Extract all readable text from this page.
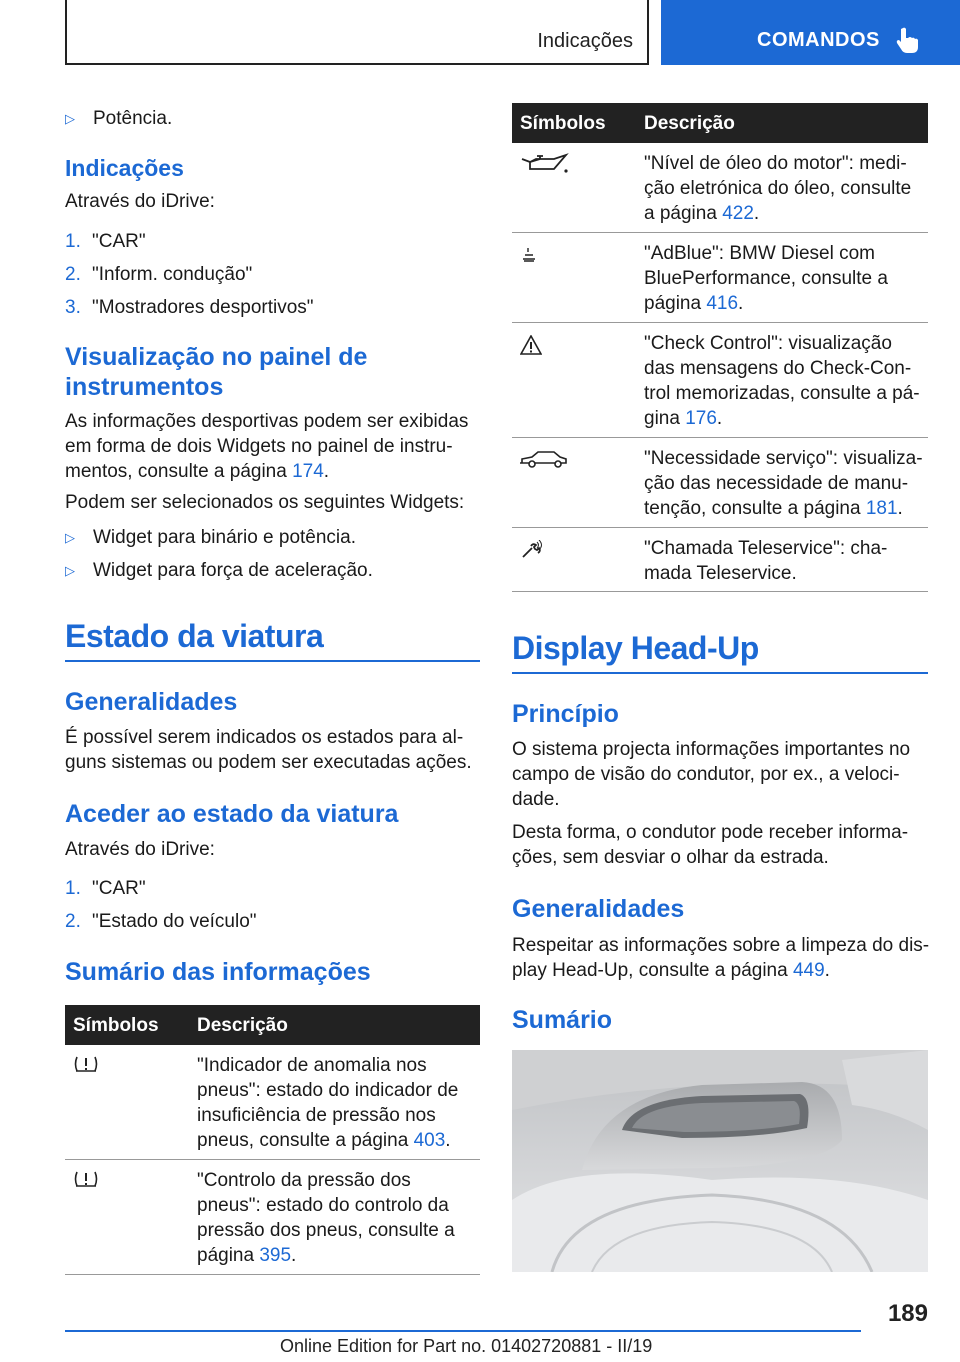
Indicações	COMANDOS
▷ Potência.
Indicações
Através do iDrive:
1. "CAR"
2. "Inform. condução"
3. "Mostradores desportivos"
Visualização no painel de
instrumentos
As informações desportivas podem ser exibidas
em forma de dois Widgets no painel de instru‐
mentos, consulte a página 174.
Podem ser selecionados os seguintes Widgets:
▷ Widget para binário e potência.
▷ Widget para força de aceleração.
Estado da viatura
Generalidades
É possível serem indicados os estados para al‐
guns sistemas ou podem ser executadas ações.
Aceder ao estado da viatura
Através do iDrive:
1. "CAR"
2. "Estado do veículo"
Sumário das informações
Símbolos Descrição
"Indicador de anomalia nos
pneus": estado do indicador de
insuficiência de pressão nos
pneus, consulte a página 403.
"Controlo da pressão dos
pneus": estado do controlo da
pressão dos pneus, consulte a
página 395.
Símbolos Descrição
"Nível de óleo do motor": medi‐
ção eletrónica do óleo, consulte
a página 422.
"AdBlue": BMW Diesel com
BluePerformance, consulte a
página 416.
"Check Control": visualização
das mensagens do Check-Con‐
trol memorizadas, consulte a pá‐
gina 176.
"Necessidade serviço": visualiza‐
ção das necessidade de manu‐
tenção, consulte a página 181.
"Chamada Teleservice": cha‐
mada Teleservice.
Display Head-Up
Princípio
O sistema projecta informações importantes no
campo de visão do condutor, por ex., a veloci‐
dade.
Desta forma, o condutor pode receber informa‐
ções, sem desviar o olhar da estrada.
Generalidades
Respeitar as informações sobre a limpeza do dis‐
play Head-Up, consulte a página 449.
Sumário
189
Online Edition for Part no. 01402720881 - II/19
